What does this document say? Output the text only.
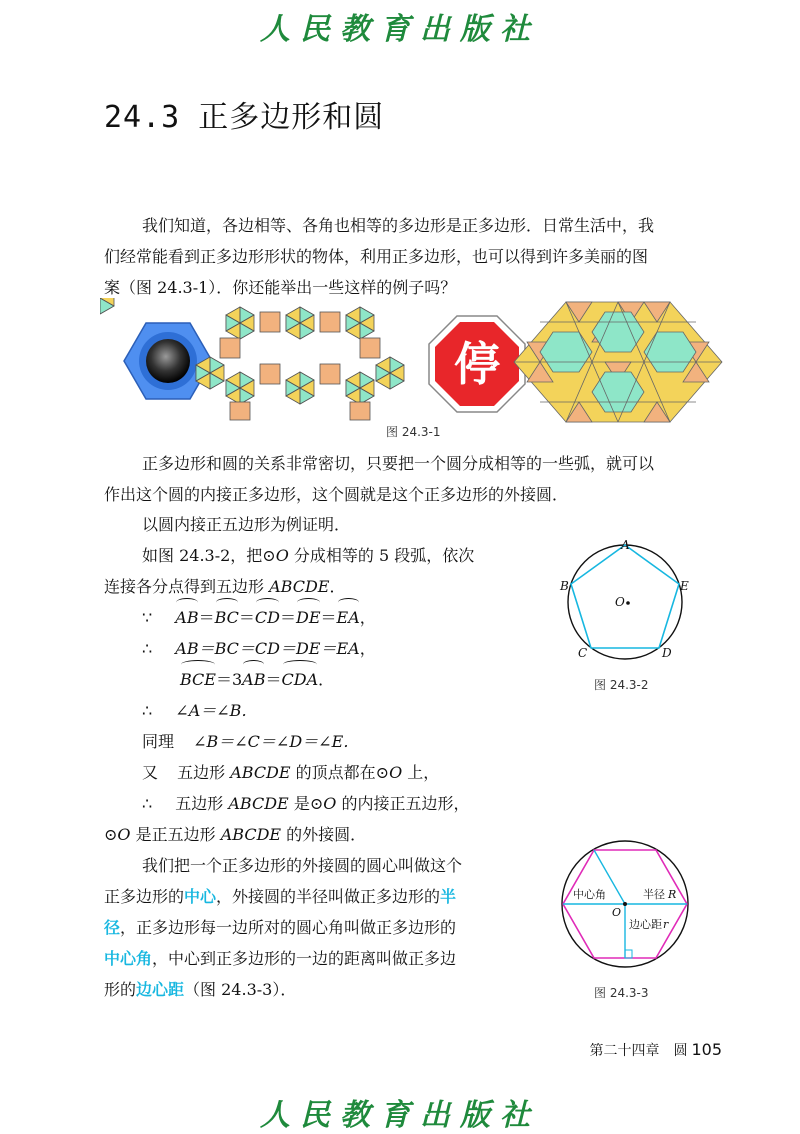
人民教育出版社
24.3 正多边形和圆
我们知道，各边相等、各角也相等的多边形是正多边形．日常生活中，我
们经常能看到正多边形形状的物体，利用正多边形，也可以得到许多美丽的图
案（图 24.3-1）．你还能举出一些这样的例子吗？
停
图 24.3-1
正多边形和圆的关系非常密切，只要把一个圆分成相等的一些弧，就可以
作出这个圆的内接正多边形，这个圆就是这个正多边形的外接圆．
以圆内接正五边形为例证明．
如图 24.3-2，把⊙O 分成相等的 5 段弧，依次
连接各分点得到五边形 ABCDE．
∵ AB＝BC＝CD＝DE＝EA，
∴ AB＝BC＝CD＝DE＝EA，
BCE＝3AB＝CDA．
∴ ∠A＝∠B．
同理 ∠B＝∠C＝∠D＝∠E．
又 五边形 ABCDE 的顶点都在⊙O 上，
∴ 五边形 ABCDE 是⊙O 的内接正五边形，
⊙O 是正五边形 ABCDE 的外接圆．
A
B
C	D
E
O
图 24.3-2
我们把一个正多边形的外接圆的圆心叫做这个
正多边形的中心，外接圆的半径叫做正多边形的半
径，正多边形每一边所对的圆心角叫做正多边形的
中心角，中心到正多边形的一边的距离叫做正多边
形的边心距（图 24.3-3）．
中心角	半径 R
边心距 r
O
图 24.3-3
第二十四章　圆 105
人民教育出版社
